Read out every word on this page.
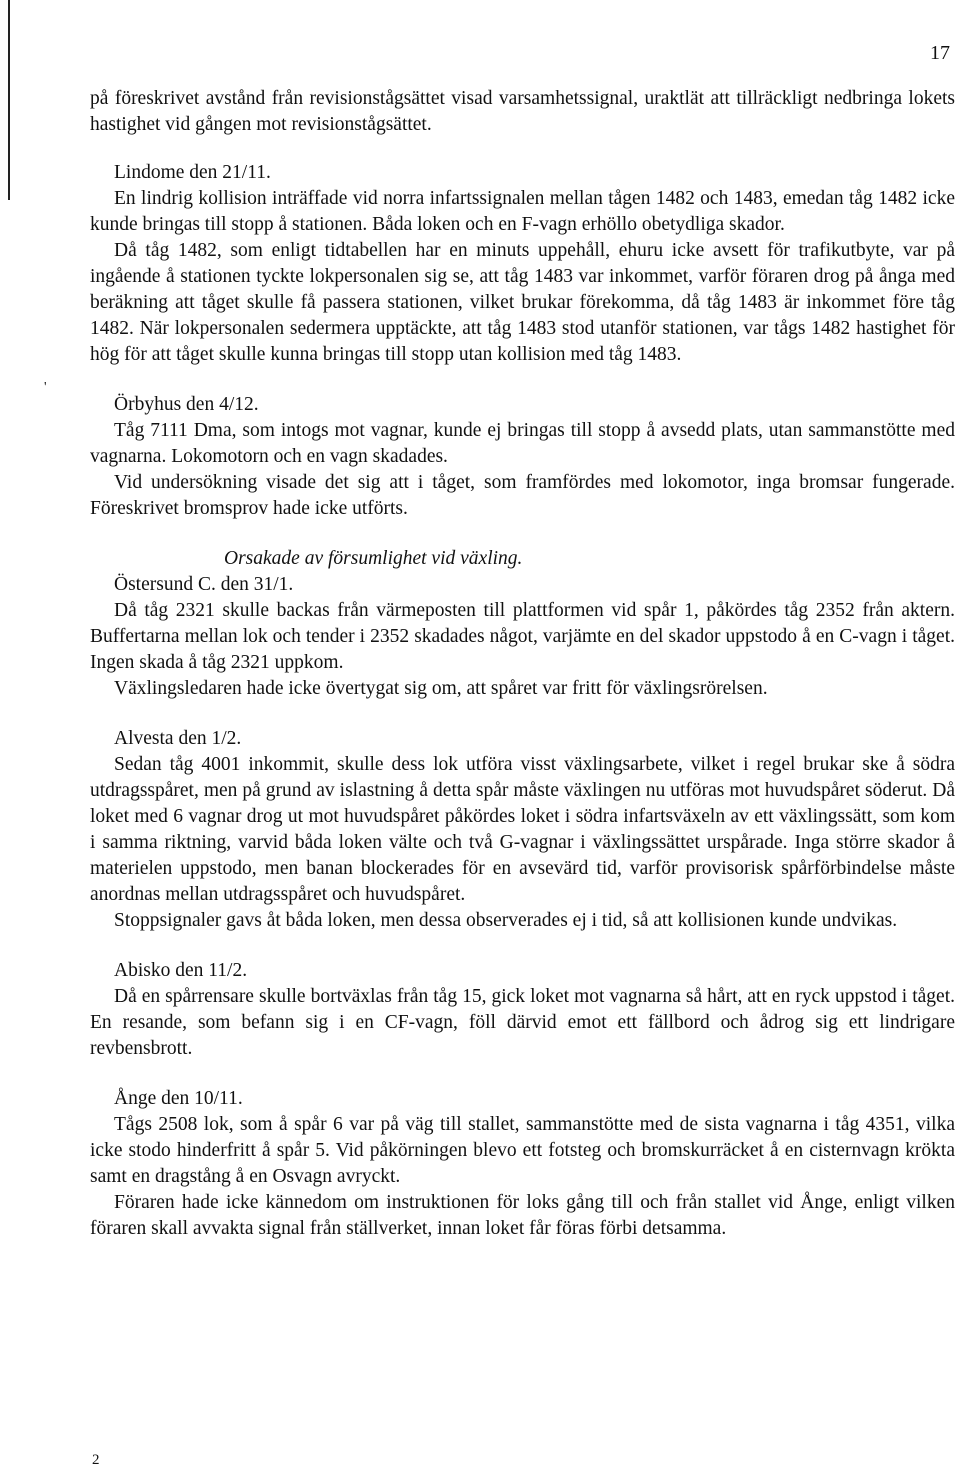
17

'

på föreskrivet avstånd från revisionstågsättet visad varsamhetssignal, uraktlät att tillräckligt nedbringa lokets hastighet vid gången mot revisionstågsättet.

Lindome den 21/11.

En lindrig kollision inträffade vid norra infartssignalen mellan tågen 1482 och 1483, emedan tåg 1482 icke kunde bringas till stopp å stationen. Båda loken och en F-vagn erhöllo obetydliga skador.

Då tåg 1482, som enligt tidtabellen har en minuts uppehåll, ehuru icke avsett för trafikutbyte, var på ingående å stationen tyckte lokpersonalen sig se, att tåg 1483 var inkommet, varför föraren drog på ånga med beräkning att tåget skulle få passera stationen, vilket brukar förekomma, då tåg 1483 är inkommet före tåg 1482. När lokpersonalen sedermera upptäckte, att tåg 1483 stod utanför stationen, var tågs 1482 hastighet för hög för att tåget skulle kunna bringas till stopp utan kollision med tåg 1483.

Örbyhus den 4/12.

Tåg 7111 Dma, som intogs mot vagnar, kunde ej bringas till stopp å avsedd plats, utan sammanstötte med vagnarna. Lokomotorn och en vagn skadades.

Vid undersökning visade det sig att i tåget, som framfördes med lokomotor, inga bromsar fungerade. Föreskrivet bromsprov hade icke utförts.

Orsakade av försumlighet vid växling.

Östersund C. den 31/1.

Då tåg 2321 skulle backas från värmeposten till plattformen vid spår 1, påkördes tåg 2352 från aktern. Buffertarna mellan lok och tender i 2352 skadades något, varjämte en del skador uppstodo å en C-vagn i tåget. Ingen skada å tåg 2321 uppkom.

Växlingsledaren hade icke övertygat sig om, att spåret var fritt för växlingsrörelsen.

Alvesta den 1/2.

Sedan tåg 4001 inkommit, skulle dess lok utföra visst växlingsarbete, vilket i regel brukar ske å södra utdragsspåret, men på grund av islastning å detta spår måste växlingen nu utföras mot huvudspåret söderut. Då loket med 6 vagnar drog ut mot huvudspåret påkördes loket i södra infartsväxeln av ett växlingssätt, som kom i samma riktning, varvid båda loken välte och två G-vagnar i växlingssättet urspårade. Inga större skador å materielen uppstodo, men banan blockerades för en avsevärd tid, varför provisorisk spårförbindelse måste anordnas mellan utdragsspåret och huvudspåret.

Stoppsignaler gavs åt båda loken, men dessa observerades ej i tid, så att kollisionen kunde undvikas.

Abisko den 11/2.

Då en spårrensare skulle bortväxlas från tåg 15, gick loket mot vagnarna så hårt, att en ryck uppstod i tåget. En resande, som befann sig i en CF-vagn, föll därvid emot ett fällbord och ådrog sig ett lindrigare revbensbrott.

Ånge den 10/11.

Tågs 2508 lok, som å spår 6 var på väg till stallet, sammanstötte med de sista vagnarna i tåg 4351, vilka icke stodo hinderfritt å spår 5. Vid påkörningen blevo ett fotsteg och bromskurräcket å en cisternvagn krökta samt en dragstång å en Osvagn avryckt.

Föraren hade icke kännedom om instruktionen för loks gång till och från stallet vid Ånge, enligt vilken föraren skall avvakta signal från ställverket, innan loket får föras förbi detsamma.

2
